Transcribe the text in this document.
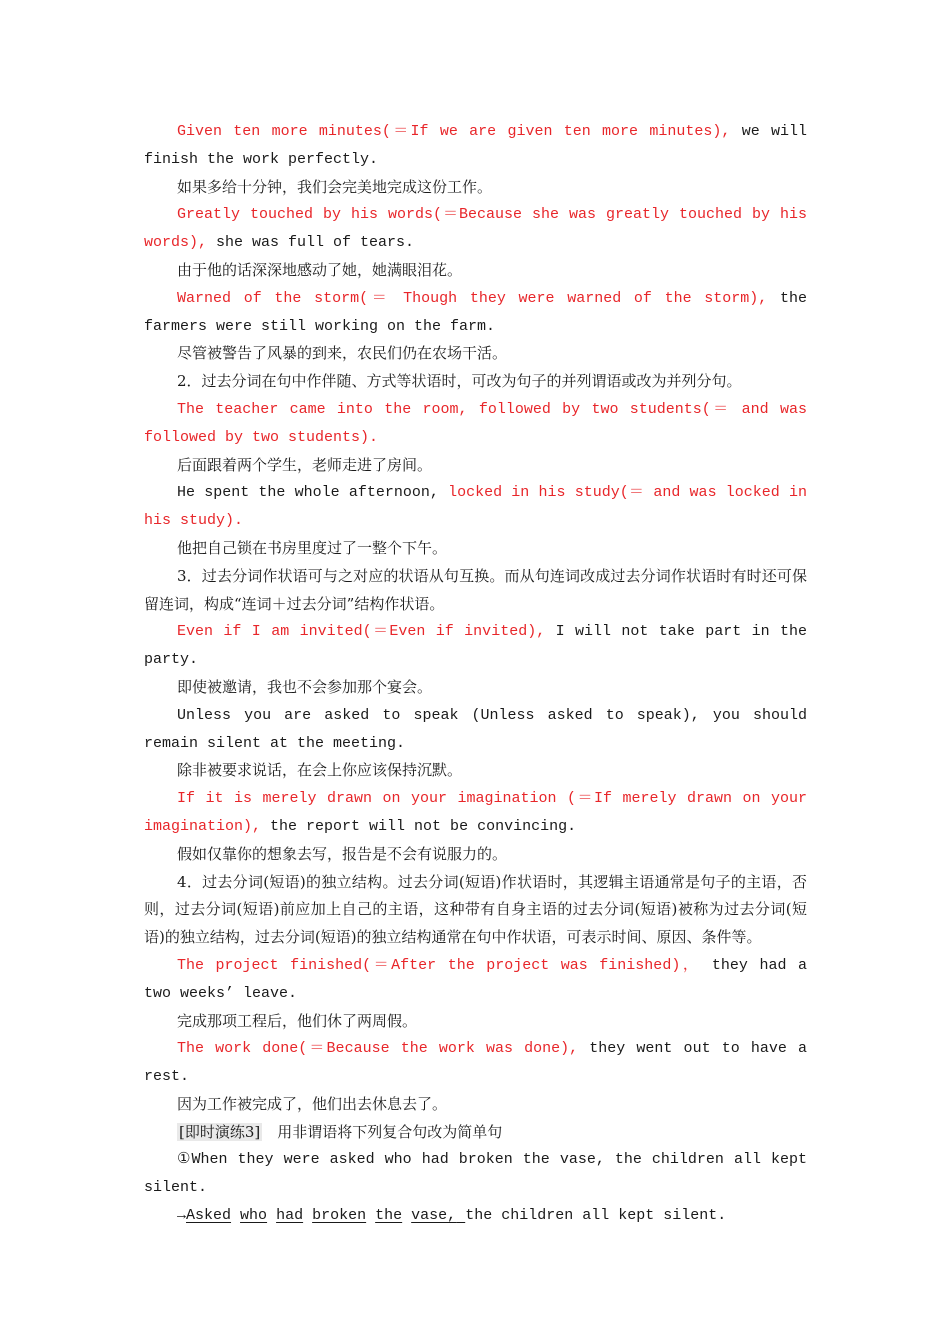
Given ten more minutes(＝If we are given ten more minutes), we will finish the work perfectly.

如果多给十分钟，我们会完美地完成这份工作。

Greatly touched by his words(＝Because she was greatly touched by his words), she was full of tears.

由于他的话深深地感动了她，她满眼泪花。

Warned of the storm(＝ Though they were warned of the storm), the farmers were still working on the farm.

尽管被警告了风暴的到来，农民们仍在农场干活。

2．过去分词在句中作伴随、方式等状语时，可改为句子的并列谓语或改为并列分句。

The teacher came into the room, followed by two students(＝ and was followed by two students).

后面跟着两个学生，老师走进了房间。

He spent the whole afternoon, locked in his study(＝ and was locked in his study).

他把自己锁在书房里度过了一整个下午。

3．过去分词作状语可与之对应的状语从句互换。而从句连词改成过去分词作状语时有时还可保留连词，构成“连词＋过去分词”结构作状语。

Even if I am invited(＝Even if invited), I will not take part in the party.

即使被邀请，我也不会参加那个宴会。

Unless you are asked to speak (Unless asked to speak), you should remain silent at the meeting.

除非被要求说话，在会上你应该保持沉默。

If it is merely drawn on your imagination (＝If merely drawn on your imagination), the report will not be convincing.

假如仅靠你的想象去写，报告是不会有说服力的。

4．过去分词(短语)的独立结构。过去分词(短语)作状语时，其逻辑主语通常是句子的主语，否则，过去分词(短语)前应加上自己的主语，这种带有自身主语的过去分词(短语)被称为过去分词(短语)的独立结构，过去分词(短语)的独立结构通常在句中作状语，可表示时间、原因、条件等。

The project finished(＝After the project was finished)， they had a two weeks’ leave.

完成那项工程后，他们休了两周假。

The work done(＝Because the work was done), they went out to have a rest.

因为工作被完成了，他们出去休息去了。

[即时演练3]　用非谓语将下列复合句改为简单句

①When they were asked who had broken the vase, the children all kept silent.

→Asked who had broken the vase, the children all kept silent.
